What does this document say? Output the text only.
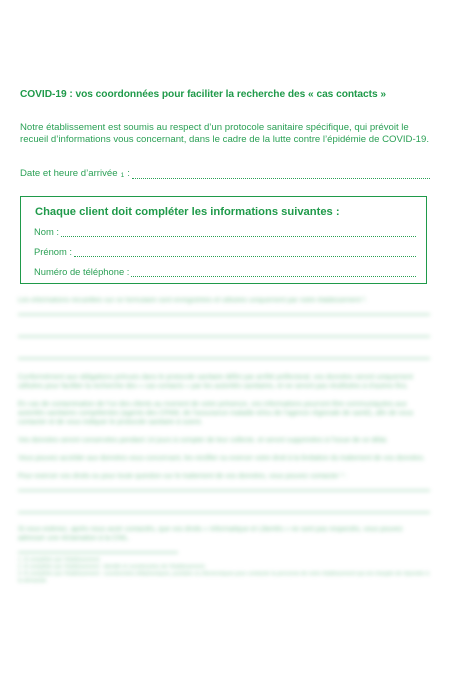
COVID-19 : vos coordonnées pour faciliter la recherche des « cas contacts »
Notre établissement est soumis au respect d’un protocole sanitaire spécifique, qui prévoit le recueil d’informations vous concernant, dans le cadre de la lutte contre l’épidémie de COVID-19.
Date et heure d’arrivée $_1$ :
Chaque client doit compléter les informations suivantes :
Nom :
Prénom :
Numéro de téléphone :

Les informations recueillies sur ce formulaire sont enregistrées et utilisées uniquement par notre établissement ².

Conformément aux obligations prévues dans le protocole sanitaire défini par arrêté préfectoral, vos données seront uniquement utilisées pour faciliter la recherche des « cas contacts » par les autorités sanitaires, et ne seront pas réutilisées à d’autres fins.

En cas de contamination de l’un des clients au moment de votre présence, ces informations pourront être communiquées aux autorités sanitaires compétentes (agents des CPAM, de l’assurance maladie et/ou de l’agence régionale de santé), afin de vous contacter et de vous indiquer le protocole sanitaire à suivre.

Vos données seront conservées pendant 14 jours à compter de leur collecte, et seront supprimées à l’issue de ce délai.

Vous pouvez accéder aux données vous concernant, les rectifier ou exercer votre droit à la limitation du traitement de vos données.

Pour exercer vos droits ou pour toute question sur le traitement de vos données, vous pouvez contacter ³ :

Si vous estimez, après nous avoir contactés, que vos droits « Informatique et Libertés » ne sont pas respectés, vous pouvez adresser une réclamation à la CNIL.

1. À compléter par l’établissement.
2. À compléter par l’établissement : identité et coordonnées de l’établissement.
3. À compléter par l’établissement : coordonnées téléphoniques, postales ou électroniques pour contacter la personne de notre établissement qui est chargée de répondre à la demande.
